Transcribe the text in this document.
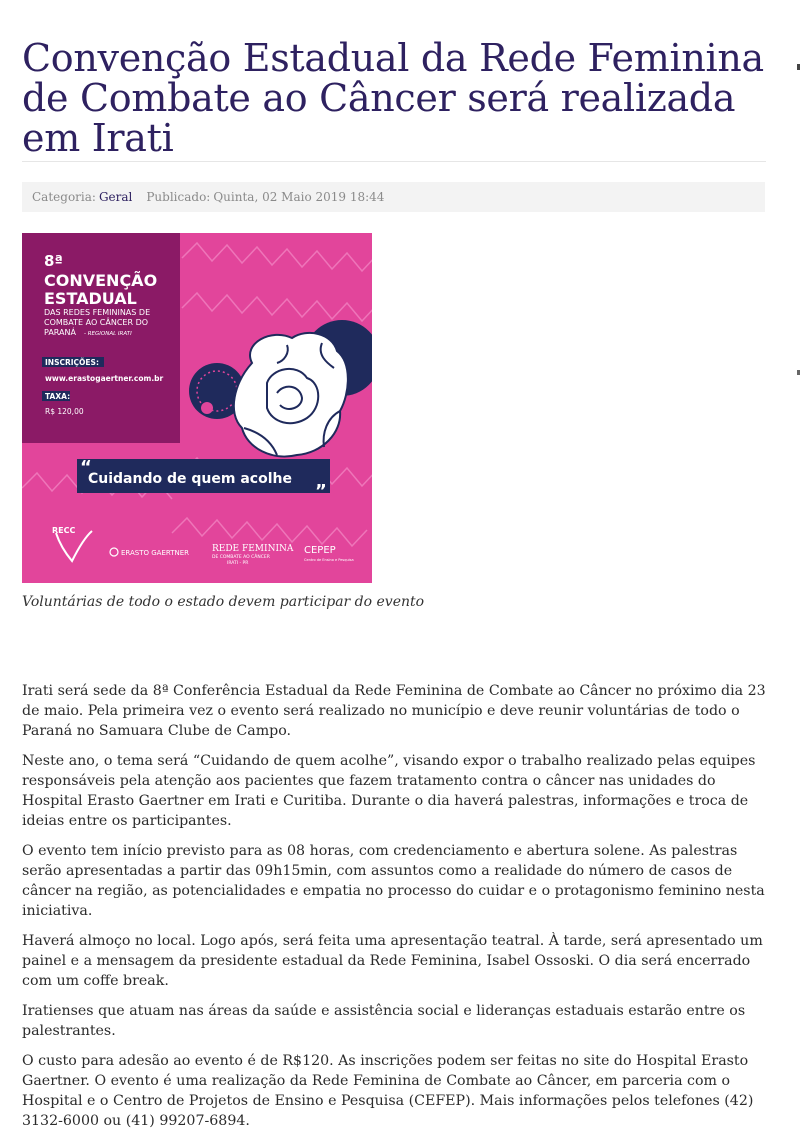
Convenção Estadual da Rede Feminina de Combate ao Câncer será realizada em Irati
Categoria: Geral Publicado: Quinta, 02 Maio 2019 18:44
“
Cuidando de quem acolhe
”
8ª
CONVENÇÃO
ESTADUAL
DAS REDES FEMININAS DE
COMBATE AO CÂNCER DO
PARANÁ - REGIONAL IRATI
INSCRIÇÕES:
www.erastogaertner.com.br
TAXA:
R$ 120,00
RECC
ERASTO GAERTNER	REDE FEMININA
DE COMBATE AO CÂNCER
IRATI - PR
CEPEP
Centro de Ensino e Pesquisa
Voluntárias de todo o estado devem participar do evento

Irati será sede da 8ª Conferência Estadual da Rede Feminina de Combate ao Câncer no próximo dia 23 de maio. Pela primeira vez o evento será realizado no município e deve reunir voluntárias de todo o Paraná no Samuara Clube de Campo.

Neste ano, o tema será “Cuidando de quem acolhe”, visando expor o trabalho realizado pelas equipes responsáveis pela atenção aos pacientes que fazem tratamento contra o câncer nas unidades do Hospital Erasto Gaertner em Irati e Curitiba. Durante o dia haverá palestras, informações e troca de ideias entre os participantes.

O evento tem início previsto para as 08 horas, com credenciamento e abertura solene. As palestras serão apresentadas a partir das 09h15min, com assuntos como a realidade do número de casos de câncer na região, as potencialidades e empatia no processo do cuidar e o protagonismo feminino nesta iniciativa.

Haverá almoço no local. Logo após, será feita uma apresentação teatral. À tarde, será apresentado um painel e a mensagem da presidente estadual da Rede Feminina, Isabel Ossoski. O dia será encerrado com um coffe break.

Iratienses que atuam nas áreas da saúde e assistência social e lideranças estaduais estarão entre os palestrantes.

O custo para adesão ao evento é de R$120. As inscrições podem ser feitas no site do Hospital Erasto Gaertner. O evento é uma realização da Rede Feminina de Combate ao Câncer, em parceria com o Hospital e o Centro de Projetos de Ensino e Pesquisa (CEFEP). Mais informações pelos telefones (42) 3132-6000 ou (41) 99207-6894.
